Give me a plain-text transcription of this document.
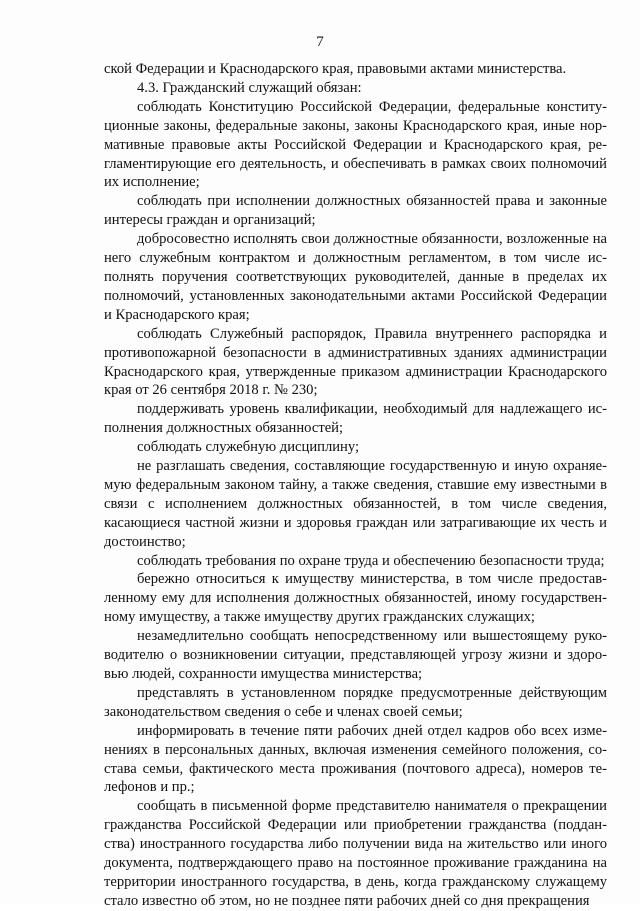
7

ской Федерации и Краснодарского края, правовыми актами министерства.

4.3. Гражданский служащий обязан:

соблюдать Конституцию Российской Федерации, федеральные конституционные законы, федеральные законы, законы Краснодарского края, иные нормативные правовые акты Российской Федерации и Краснодарского края, регламентирующие его деятельность, и обеспечивать в рамках своих полномочий их исполнение;

соблюдать при исполнении должностных обязанностей права и законные интересы граждан и организаций;

добросовестно исполнять свои должностные обязанности, возложенные на него служебным контрактом и должностным регламентом, в том числе исполнять поручения соответствующих руководителей, данные в пределах их полномочий, установленных законодательными актами Российской Федерации и Краснодарского края;

соблюдать Служебный распорядок, Правила внутреннего распорядка и противопожарной безопасности в административных зданиях администрации Краснодарского края, утвержденные приказом администрации Краснодарского края от 26 сентября 2018 г. № 230;

поддерживать уровень квалификации, необходимый для надлежащего исполнения должностных обязанностей;

соблюдать служебную дисциплину;

не разглашать сведения, составляющие государственную и иную охраняемую федеральным законом тайну, а также сведения, ставшие ему известными в связи с исполнением должностных обязанностей, в том числе сведения, касающиеся частной жизни и здоровья граждан или затрагивающие их честь и достоинство;

соблюдать требования по охране труда и обеспечению безопасности труда;

бережно относиться к имуществу министерства, в том числе предоставленному ему для исполнения должностных обязанностей, иному государственному имуществу, а также имуществу других гражданских служащих;

незамедлительно сообщать непосредственному или вышестоящему руководителю о возникновении ситуации, представляющей угрозу жизни и здоровью людей, сохранности имущества министерства;

представлять в установленном порядке предусмотренные действующим законодательством сведения о себе и членах своей семьи;

информировать в течение пяти рабочих дней отдел кадров обо всех изменениях в персональных данных, включая изменения семейного положения, состава семьи, фактического места проживания (почтового адреса), номеров телефонов и пр.;

сообщать в письменной форме представителю нанимателя о прекращении гражданства Российской Федерации или приобретении гражданства (подданства) иностранного государства либо получении вида на жительство или иного документа, подтверждающего право на постоянное проживание гражданина на территории иностранного государства, в день, когда гражданскому служащему стало известно об этом, но не позднее пяти рабочих дней со дня прекращения
